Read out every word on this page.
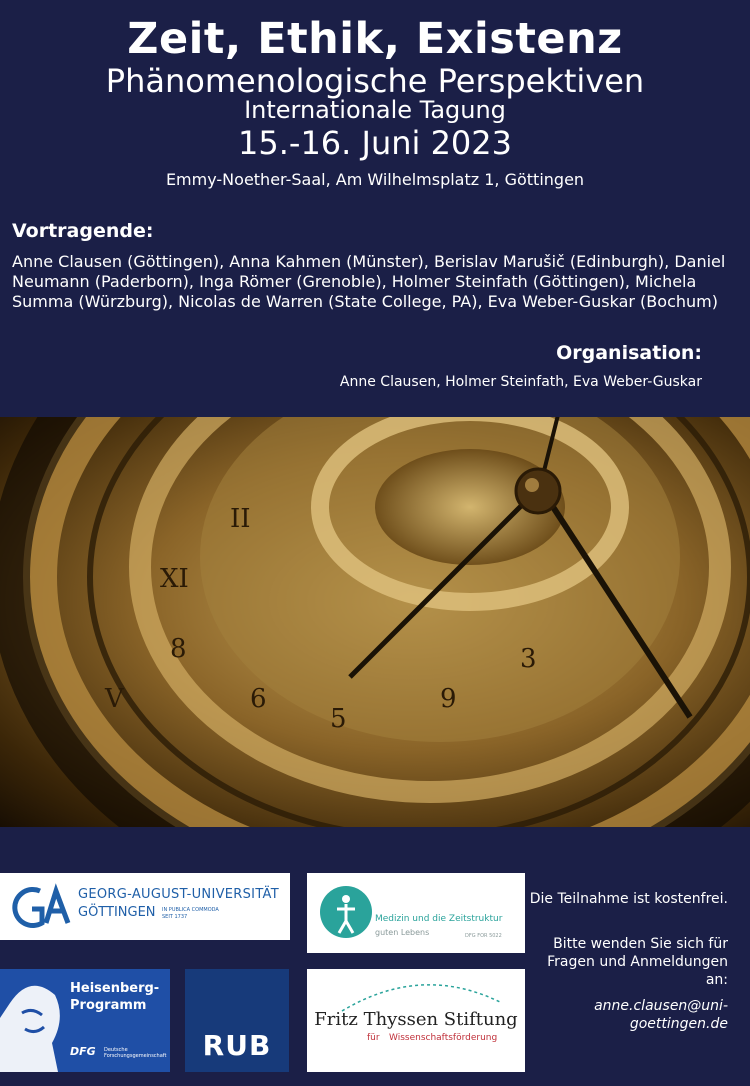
Zeit, Ethik, Existenz
Phänomenologische Perspektiven
Internationale Tagung
15.-16. Juni 2023
Emmy-Noether-Saal, Am Wilhelmsplatz 1, Göttingen
Vortragende:
Anne Clausen (Göttingen), Anna Kahmen (Münster), Berislav Marušič (Edinburgh), Daniel Neumann (Paderborn), Inga Römer (Grenoble), Holmer Steinfath (Göttingen), Michela Summa (Würzburg), Nicolas de Warren (State College, PA), Eva Weber-Guskar (Bochum)
Organisation:
Anne Clausen, Holmer Steinfath, Eva Weber-Guskar
8
6
5
9
3
V
XI
II
GEORG-AUGUST-UNIVERSITÄT
GÖTTINGEN IN PUBLICA COMMODA
SEIT 1737	Medizin und die Zeitstruktur
guten Lebens	DFG FOR 5022
Heisenberg-
Programm
DFG Deutsche Forschungsgemeinschaft	RUB
Fritz Thyssen Stiftung
für Wissenschaftsförderung
Die Teilnahme ist kostenfrei.
Bitte wenden Sie sich für Fragen und Anmeldungen an:
anne.clausen@uni-goettingen.de
